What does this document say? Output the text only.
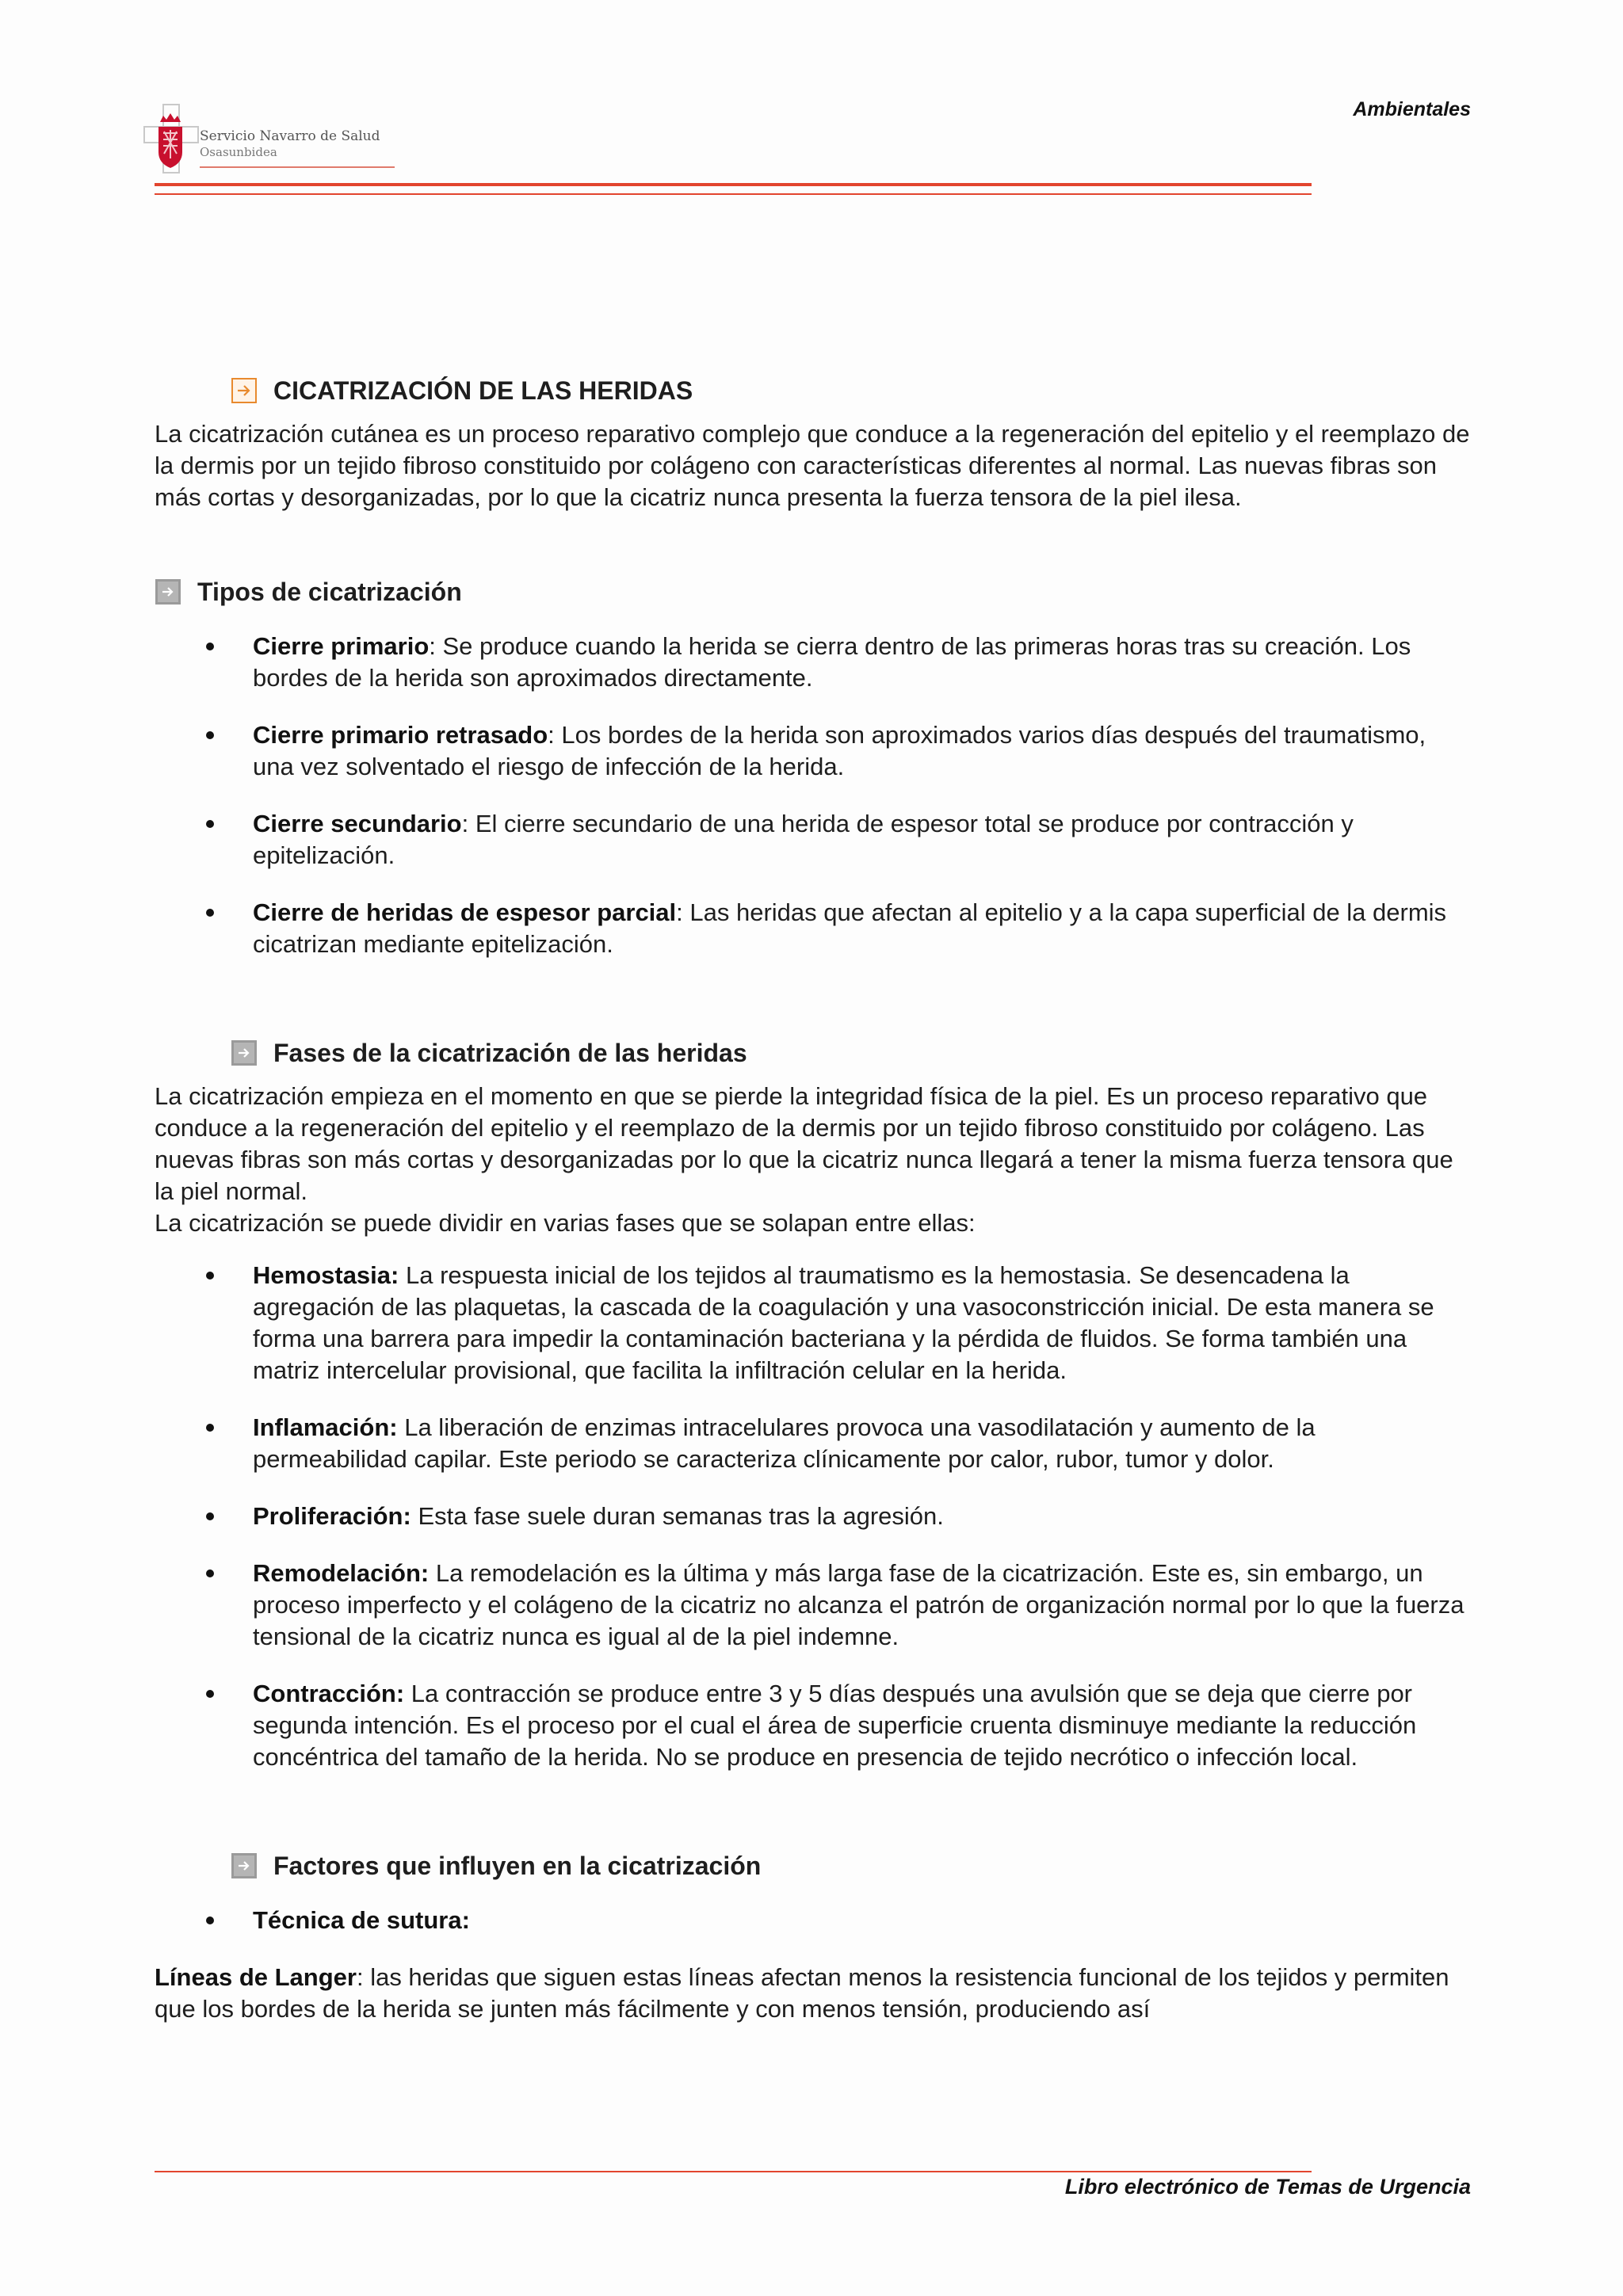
Ambientales
Servicio Navarro de Salud
Osasunbidea
CICATRIZACIÓN DE LAS HERIDAS

La cicatrización cutánea es un proceso reparativo complejo que conduce a la regeneración del epitelio y el reemplazo de la dermis por un tejido fibroso constituido por colágeno con características diferentes al normal. Las nuevas fibras son más cortas y desorganizadas, por lo que la cicatriz nunca presenta la fuerza tensora de la piel ilesa.

Tipos de cicatrización
Cierre primario: Se produce cuando la herida se cierra dentro de las primeras horas tras su creación. Los bordes de la herida son aproximados directamente.
Cierre primario retrasado: Los bordes de la herida son aproximados varios días después del traumatismo, una vez solventado el riesgo de infección de la herida.
Cierre secundario: El cierre secundario de una herida de espesor total se produce por contracción y epitelización.
Cierre de heridas de espesor parcial: Las heridas que afectan al epitelio y a la capa superficial de la dermis cicatrizan mediante epitelización.
Fases de la cicatrización de las heridas

La cicatrización empieza en el momento en que se pierde la integridad física de la piel. Es un proceso reparativo que conduce a la regeneración del epitelio y el reemplazo de la dermis por un tejido fibroso constituido por colágeno. Las nuevas fibras son más cortas y desorganizadas por lo que la cicatriz nunca llegará a tener la misma fuerza tensora que la piel normal.

La cicatrización se puede dividir en varias fases que se solapan entre ellas:

Hemostasia: La respuesta inicial de los tejidos al traumatismo es la hemostasia. Se desencadena la agregación de las plaquetas, la cascada de la coagulación y una vasoconstricción inicial. De esta manera se forma una barrera para impedir la contaminación bacteriana y la pérdida de fluidos. Se forma también una matriz intercelular provisional, que facilita la infiltración celular en la herida.
Inflamación: La liberación de enzimas intracelulares provoca una vasodilatación y aumento de la permeabilidad capilar. Este periodo se caracteriza clínicamente por calor, rubor, tumor y dolor.
Proliferación: Esta fase suele duran semanas tras la agresión.
Remodelación: La remodelación es la última y más larga fase de la cicatrización. Este es, sin embargo, un proceso imperfecto y el colágeno de la cicatriz no alcanza el patrón de organización normal por lo que la fuerza tensional de la cicatriz nunca es igual al de la piel indemne.
Contracción: La contracción se produce entre 3 y 5 días después una avulsión que se deja que cierre por segunda intención. Es el proceso por el cual el área de superficie cruenta disminuye mediante la reducción concéntrica del tamaño de la herida. No se produce en presencia de tejido necrótico o infección local.
Factores que influyen en la cicatrización
Técnica de sutura:

Líneas de Langer: las heridas que siguen estas líneas afectan menos la resistencia funcional de los tejidos y permiten que los bordes de la herida se junten más fácilmente y con menos tensión, produciendo así

Libro electrónico de Temas de Urgencia
